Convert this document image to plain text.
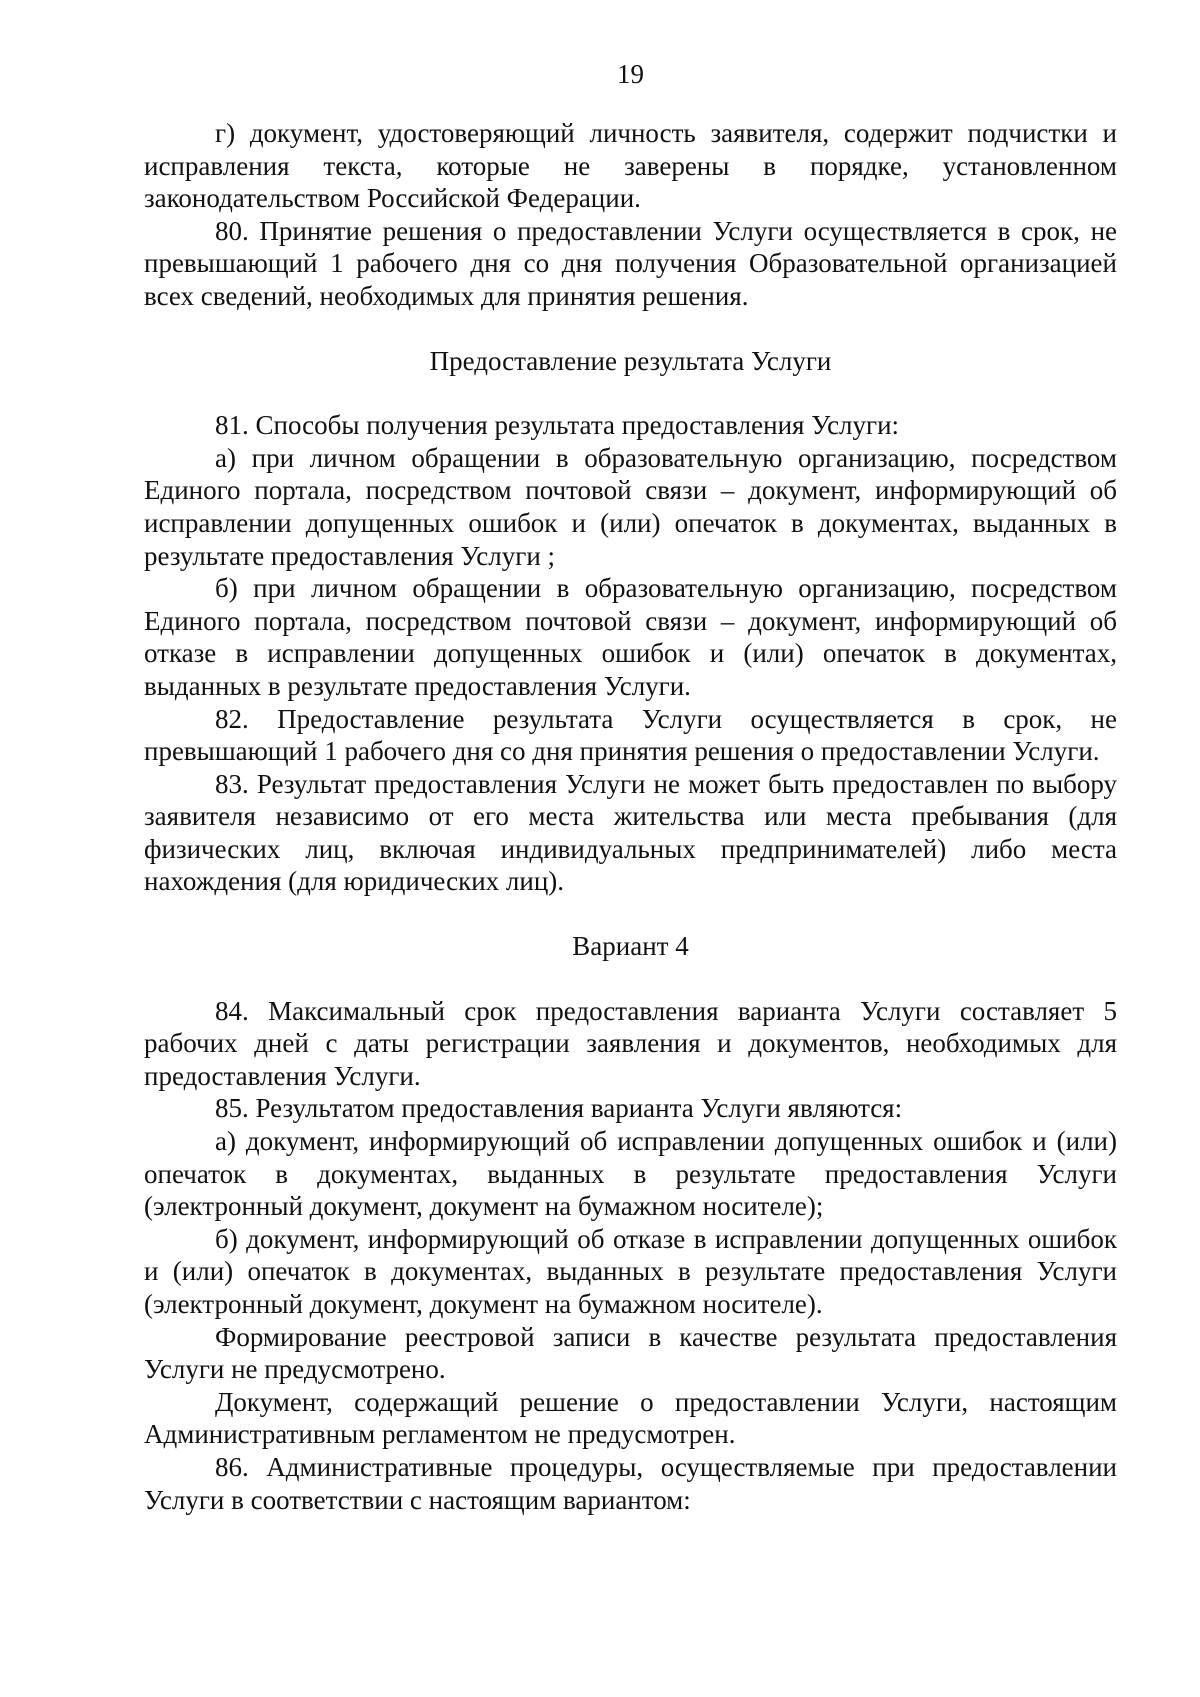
19

г) документ, удостоверяющий личность заявителя, содержит подчистки и исправления текста, которые не заверены в порядке, установленном законодательством Российской Федерации.

80. Принятие решения о предоставлении Услуги осуществляется в срок, не превышающий 1 рабочего дня со дня получения Образовательной организацией всех сведений, необходимых для принятия решения.

Предоставление результата Услуги

81. Способы получения результата предоставления Услуги:

а) при личном обращении в образовательную организацию, посредством Единого портала, посредством почтовой связи – документ, информирующий об исправлении допущенных ошибок и (или) опечаток в документах, выданных в результате предоставления Услуги ;

б) при личном обращении в образовательную организацию, посредством Единого портала, посредством почтовой связи – документ, информирующий об отказе в исправлении допущенных ошибок и (или) опечаток в документах, выданных в результате предоставления Услуги.

82. Предоставление результата Услуги осуществляется в срок, не превышающий 1 рабочего дня со дня принятия решения о предоставлении Услуги.

83. Результат предоставления Услуги не может быть предоставлен по выбору заявителя независимо от его места жительства или места пребывания (для физических лиц, включая индивидуальных предпринимателей) либо места нахождения (для юридических лиц).

Вариант 4

84. Максимальный срок предоставления варианта Услуги составляет 5 рабочих дней с даты регистрации заявления и документов, необходимых для предоставления Услуги.

85. Результатом предоставления варианта Услуги являются:

а) документ, информирующий об исправлении допущенных ошибок и (или) опечаток в документах, выданных в результате предоставления Услуги (электронный документ, документ на бумажном носителе);

б) документ, информирующий об отказе в исправлении допущенных ошибок и (или) опечаток в документах, выданных в результате предоставления Услуги (электронный документ, документ на бумажном носителе).

Формирование реестровой записи в качестве результата предоставления Услуги не предусмотрено.

Документ, содержащий решение о предоставлении Услуги, настоящим Административным регламентом не предусмотрен.

86. Административные процедуры, осуществляемые при предоставлении Услуги в соответствии с настоящим вариантом:
